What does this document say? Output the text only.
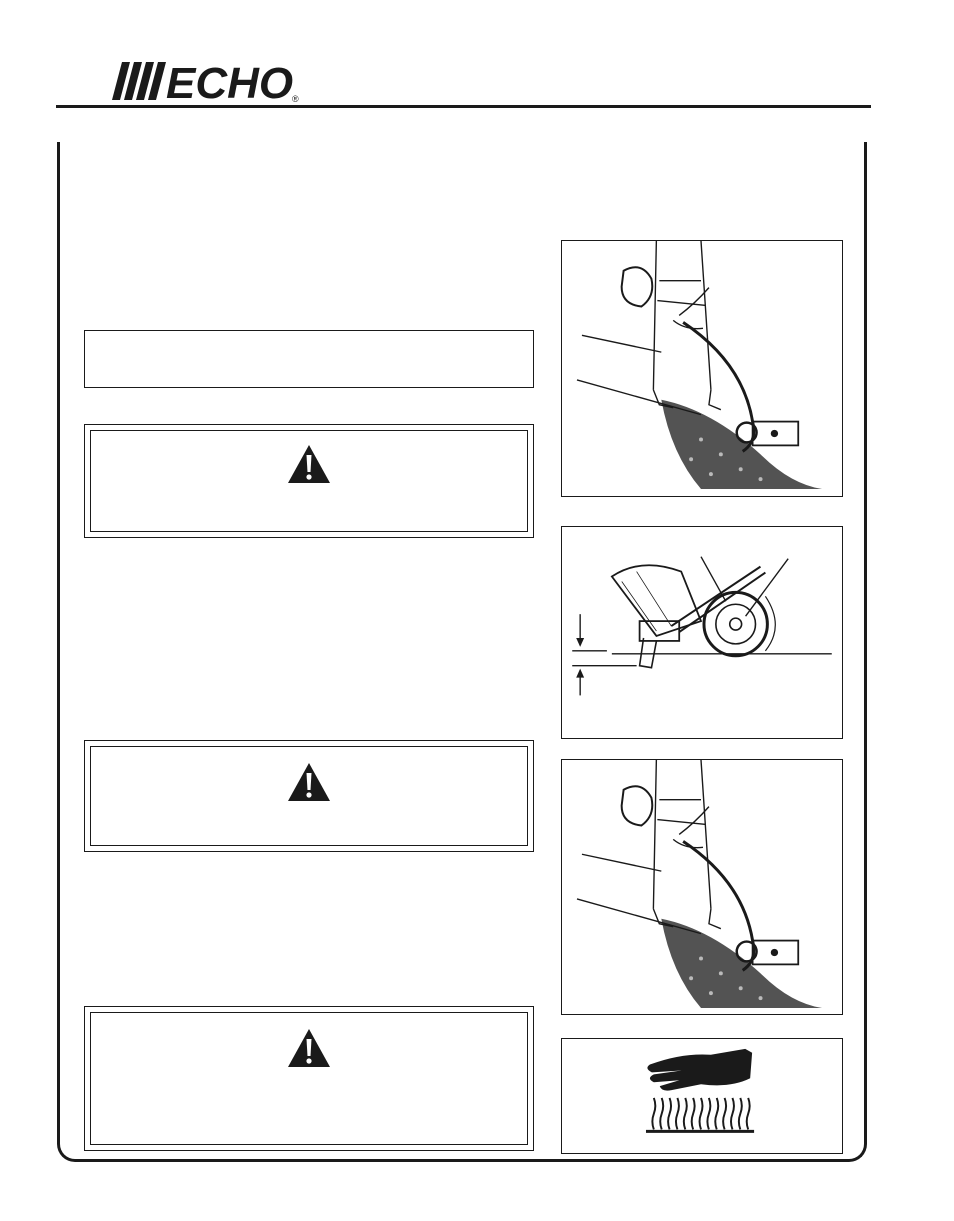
ECHO
®
